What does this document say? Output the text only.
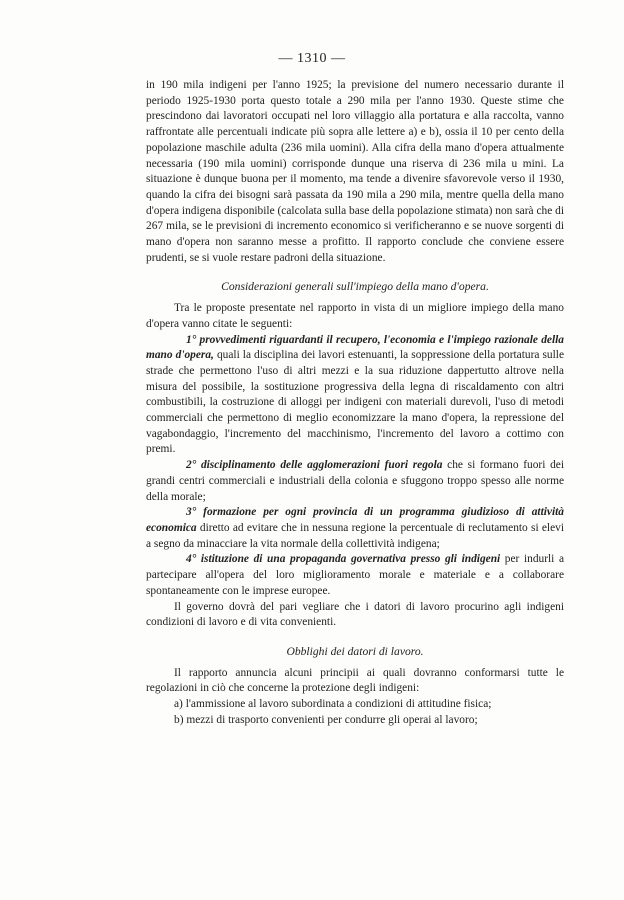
— 1310 —

in 190 mila indigeni per l'anno 1925; la previsione del numero necessario durante il periodo 1925-1930 porta questo totale a 290 mila per l'anno 1930. Queste stime che prescindono dai lavoratori occupati nel loro villaggio alla portatura e alla raccolta, vanno raffrontate alle percentuali indicate più sopra alle lettere a) e b), ossia il 10 per cento della popolazione maschile adulta (236 mila uomini). Alla cifra della mano d'opera attualmente necessaria (190 mila uomini) corrisponde dunque una riserva di 236 mila u mini. La situazione è dunque buona per il momento, ma tende a divenire sfavorevole verso il 1930, quando la cifra dei bisogni sarà passata da 190 mila a 290 mila, mentre quella della mano d'opera indigena disponibile (calcolata sulla base della popolazione stimata) non sarà che di 267 mila, se le previsioni di incremento economico si verificheranno e se nuove sorgenti di mano d'opera non saranno messe a profitto. Il rapporto conclude che conviene essere prudenti, se si vuole restare padroni della situazione.

Considerazioni generali sull'impiego della mano d'opera.

Tra le proposte presentate nel rapporto in vista di un migliore impiego della mano d'opera vanno citate le seguenti:

1° provvedimenti riguardanti il recupero, l'economia e l'impiego razionale della mano d'opera, quali la disciplina dei lavori estenuanti, la soppressione della portatura sulle strade che permettono l'uso di altri mezzi e la sua riduzione dappertutto altrove nella misura del possibile, la sostituzione progressiva della legna di riscaldamento con altri combustibili, la costruzione di alloggi per indigeni con materiali durevoli, l'uso di metodi commerciali che permettono di meglio economizzare la mano d'opera, la repressione del vagabondaggio, l'incremento del macchinismo, l'incremento del lavoro a cottimo con premi.

2° disciplinamento delle agglomerazioni fuori regola che si formano fuori dei grandi centri commerciali e industriali della colonia e sfuggono troppo spesso alle norme della morale;

3° formazione per ogni provincia di un programma giudizioso di attività economica diretto ad evitare che in nessuna regione la percentuale di reclutamento si elevi a segno da minacciare la vita normale della collettività indigena;

4° istituzione di una propaganda governativa presso gli indigeni per indurli a partecipare all'opera del loro miglioramento morale e materiale e a collaborare spontaneamente con le imprese europee.

Il governo dovrà del pari vegliare che i datori di lavoro procurino agli indigeni condizioni di lavoro e di vita convenienti.

Obblighi dei datori di lavoro.

Il rapporto annuncia alcuni principii ai quali dovranno conformarsi tutte le regolazioni in ciò che concerne la protezione degli indigeni:

a) l'ammissione al lavoro subordinata a condizioni di attitudine fisica;

b) mezzi di trasporto convenienti per condurre gli operai al lavoro;
